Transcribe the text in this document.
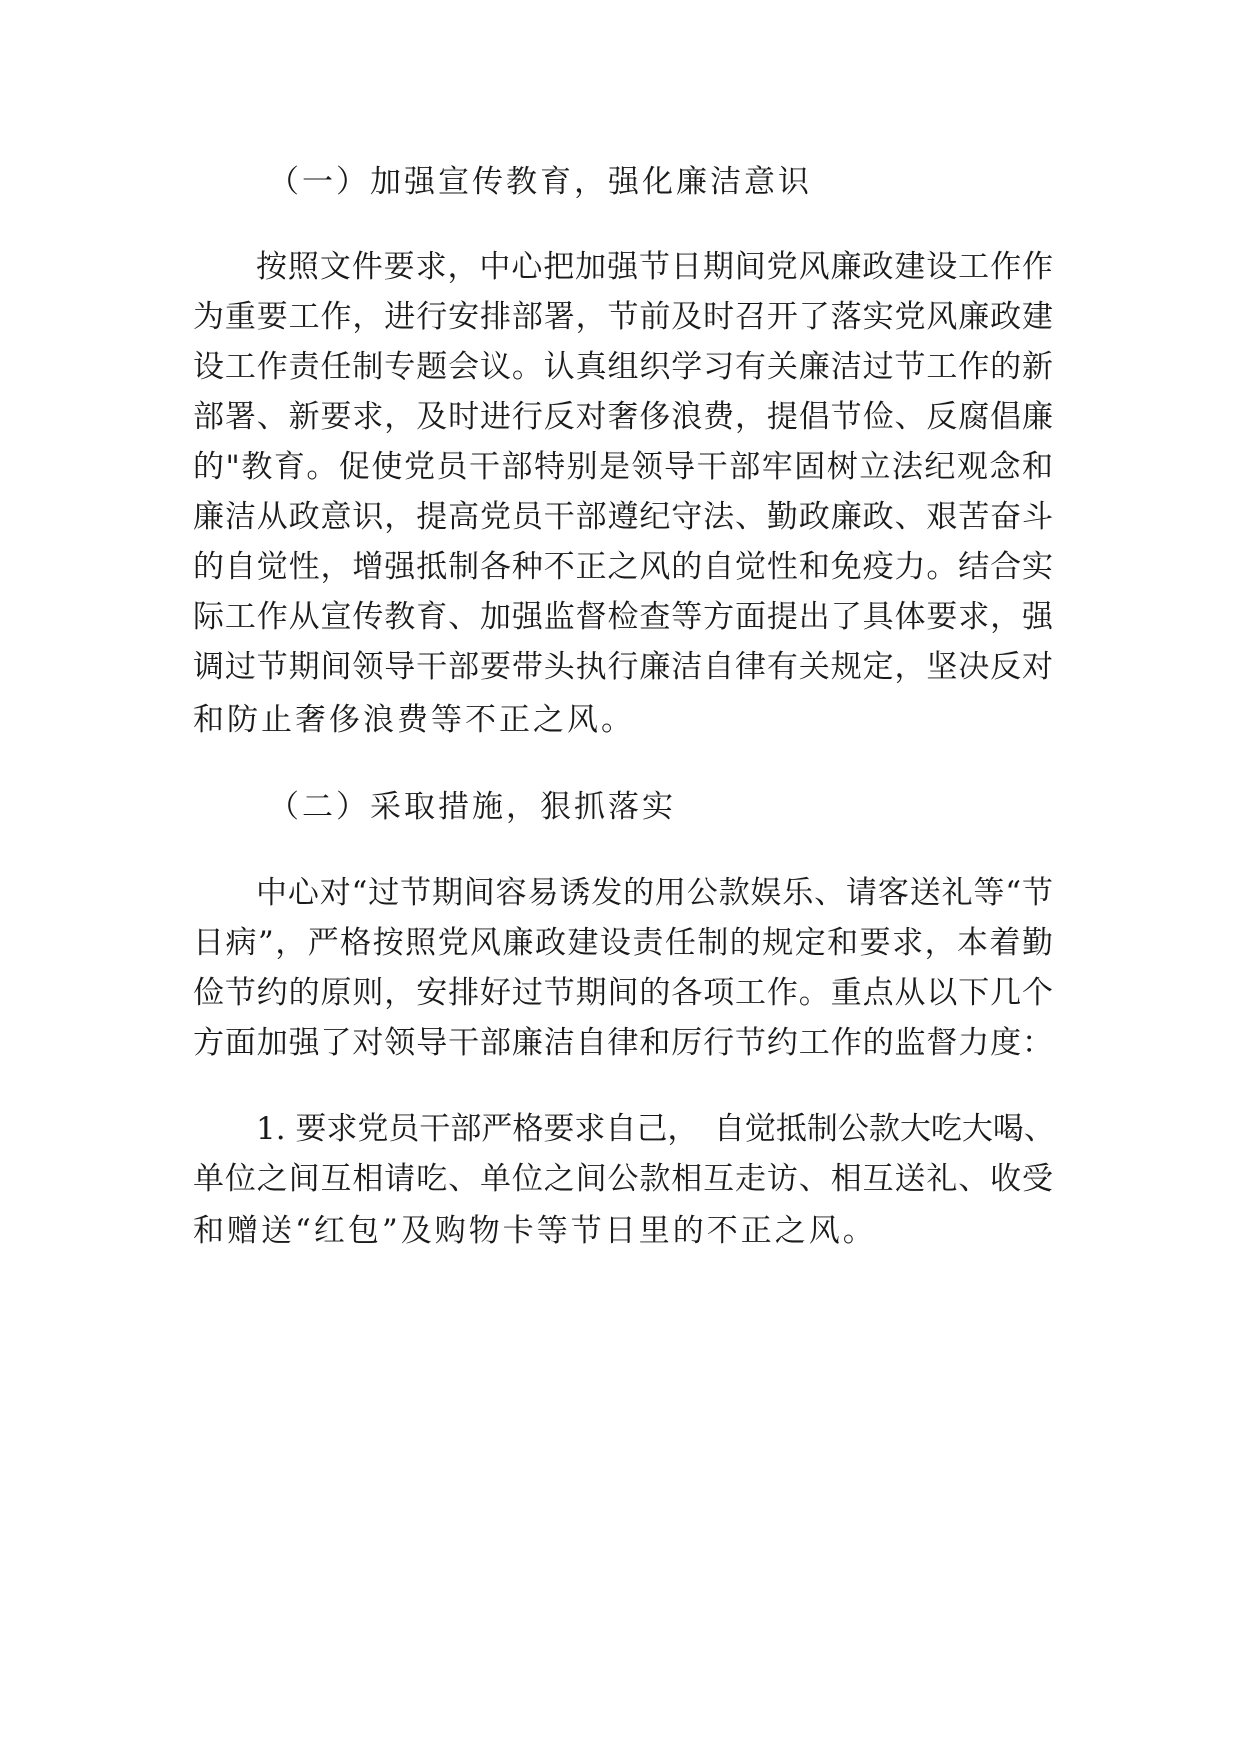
（一）加强宣传教育，强化廉洁意识
按照文件要求，中心把加强节日期间党风廉政建设工作作
为重要工作，进行安排部署，节前及时召开了落实党风廉政建
设工作责任制专题会议。认真组织学习有关廉洁过节工作的新
部署、新要求，及时进行反对奢侈浪费，提倡节俭、反腐倡廉
的"教育。促使党员干部特别是领导干部牢固树立法纪观念和
廉洁从政意识，提高党员干部遵纪守法、勤政廉政、艰苦奋斗
的自觉性，增强抵制各种不正之风的自觉性和免疫力。结合实
际工作从宣传教育、加强监督检查等方面提出了具体要求，强
调过节期间领导干部要带头执行廉洁自律有关规定，坚决反对
和防止奢侈浪费等不正之风。
（二）采取措施，狠抓落实
中心对“过节期间容易诱发的用公款娱乐、请客送礼等“节
日病”，严格按照党风廉政建设责任制的规定和要求，本着勤
俭节约的原则，安排好过节期间的各项工作。重点从以下几个
方面加强了对领导干部廉洁自律和厉行节约工作的监督力度：
1. 要求党员干部严格要求自己，　自觉抵制公款大吃大喝、
单位之间互相请吃、单位之间公款相互走访、相互送礼、收受
和赠送“红包”及购物卡等节日里的不正之风。
